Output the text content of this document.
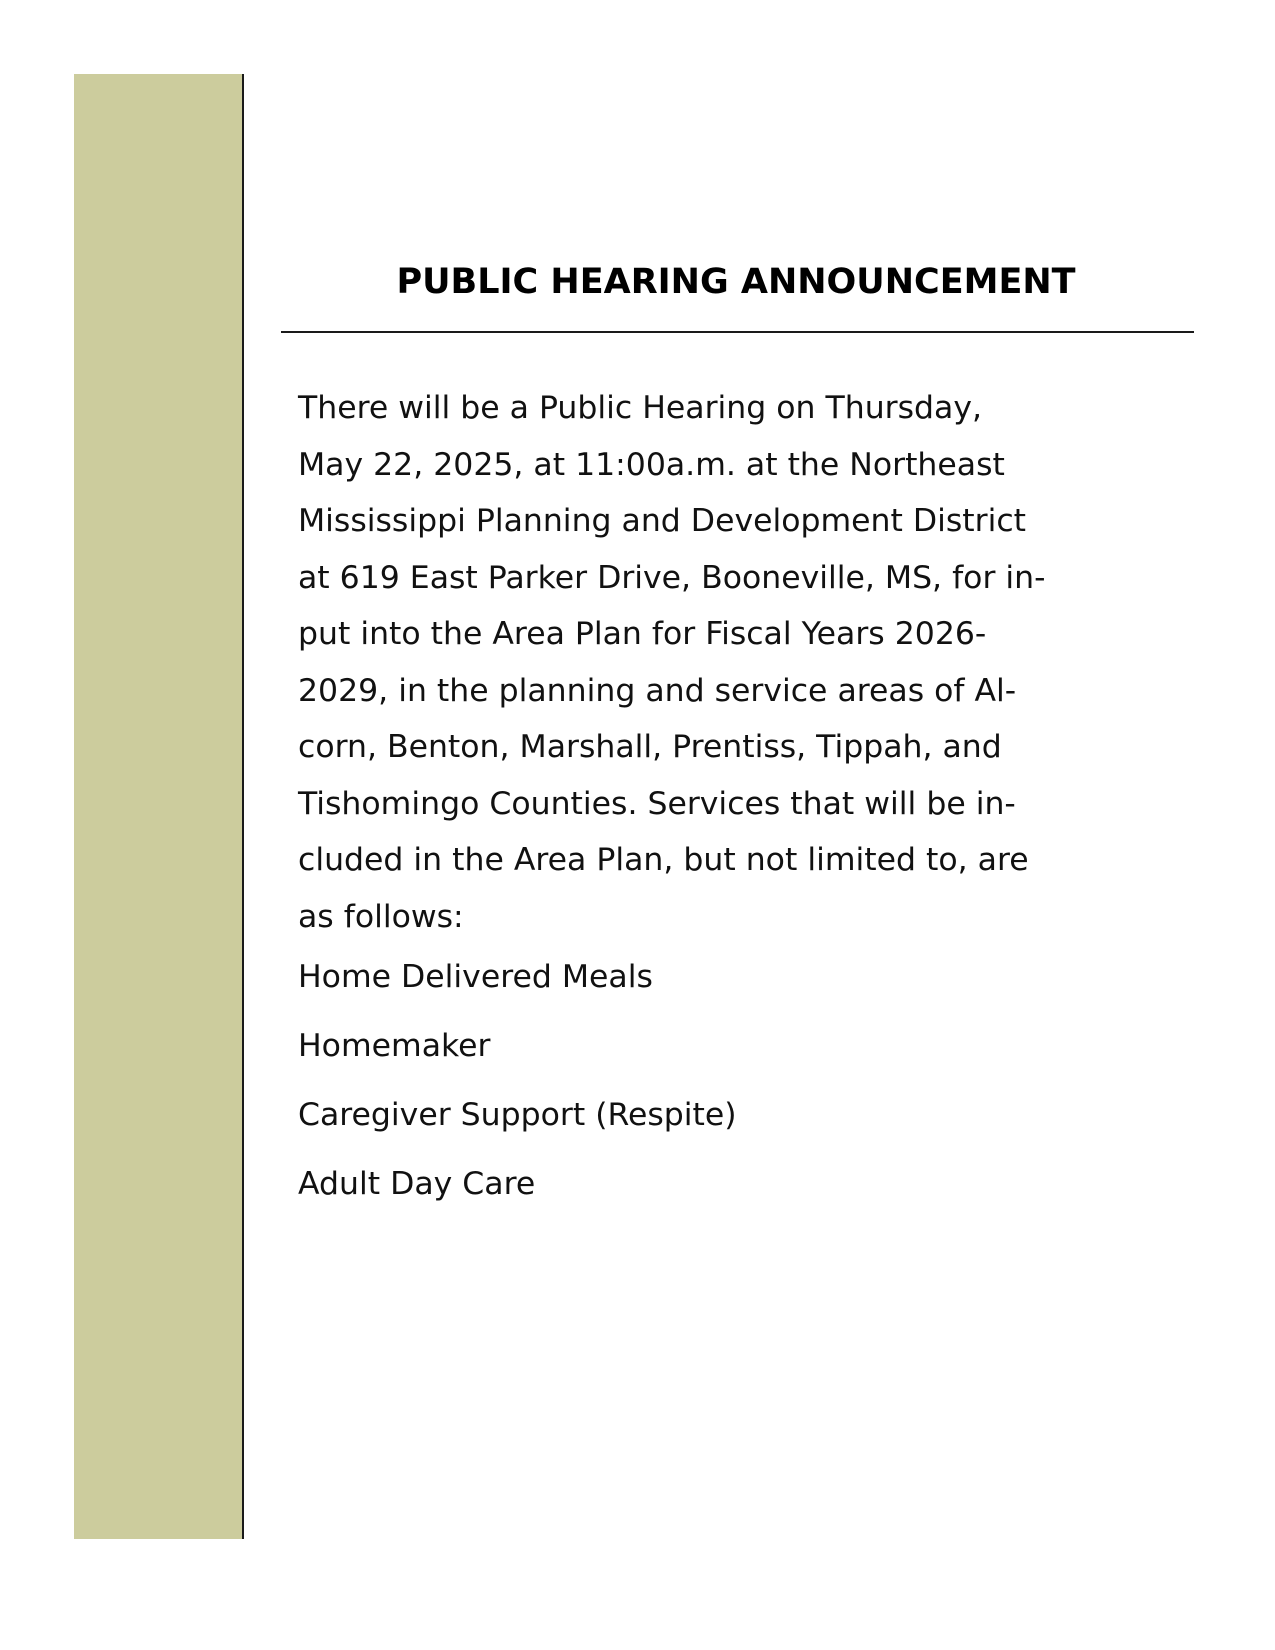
PUBLIC HEARING ANNOUNCEMENT
There will be a Public Hearing on Thursday,
May 22, 2025, at 11:00a.m. at the Northeast
Mississippi Planning and Development District
at 619 East Parker Drive, Booneville, MS, for in-
put into the Area Plan for Fiscal Years 2026-
2029, in the planning and service areas of Al-
corn, Benton, Marshall, Prentiss, Tippah, and
Tishomingo Counties. Services that will be in-
cluded in the Area Plan, but not limited to, are
as follows:
Home Delivered Meals
Homemaker
Caregiver Support (Respite)
Adult Day Care
